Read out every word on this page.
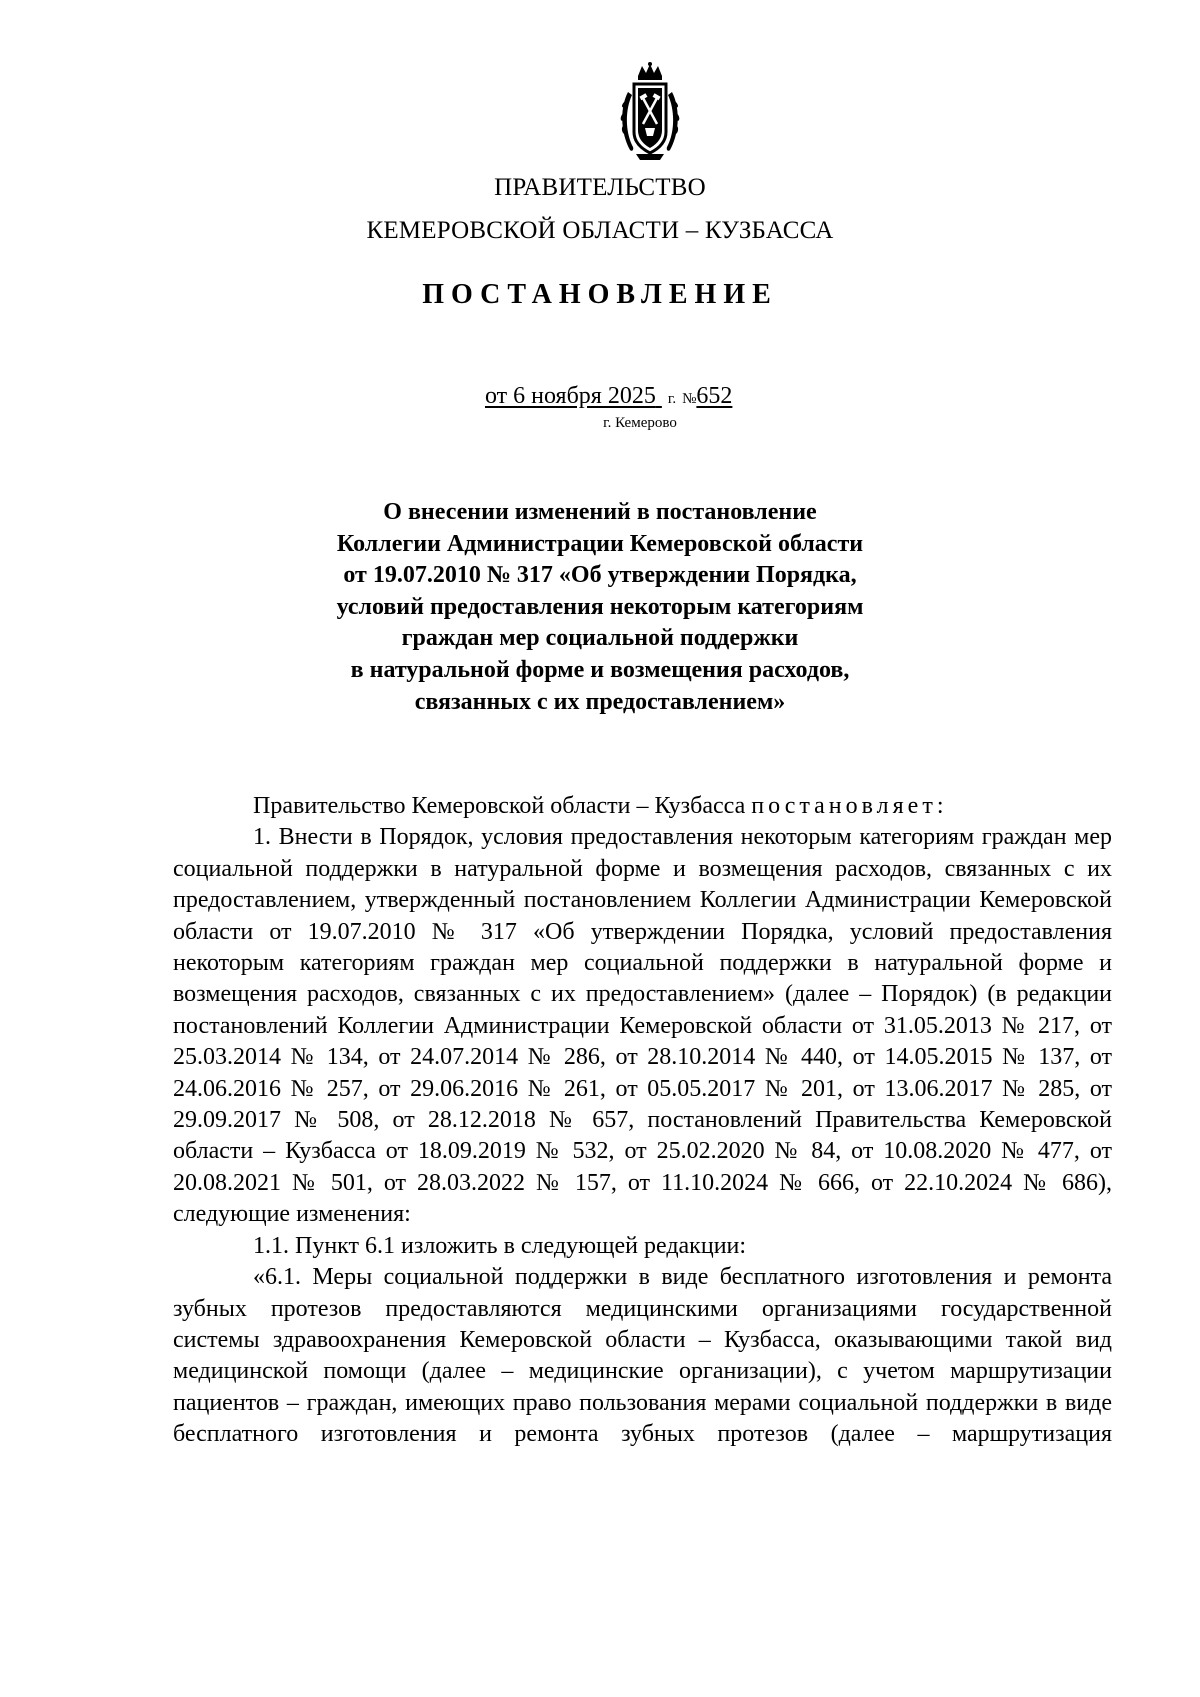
ПРАВИТЕЛЬСТВО
КЕМЕРОВСКОЙ ОБЛАСТИ – КУЗБАССА
ПОСТАНОВЛЕНИЕ
от 6 ноября 2025 г. №652
г. Кемерово
О внесении изменений в постановление
Коллегии Администрации Кемеровской области
от 19.07.2010 № 317 «Об утверждении Порядка,
условий предоставления некоторым категориям
граждан мер социальной поддержки
в натуральной форме и возмещения расходов,
связанных с их предоставлением»

Правительство Кемеровской области – Кузбасса постановляет:

1. Внести в Порядок, условия предоставления некоторым категориям граждан мер социальной поддержки в натуральной форме и возмещения расходов, связанных с их предоставлением, утвержденный постановлением Коллегии Администрации Кемеровской области от 19.07.2010 № 317 «Об утверждении Порядка, условий предоставления некоторым категориям граждан мер социальной поддержки в натуральной форме и возмещения расходов, связанных с их предоставлением» (далее – Порядок) (в редакции постановлений Коллегии Администрации Кемеровской области от 31.05.2013 № 217, от 25.03.2014 № 134, от 24.07.2014 № 286, от 28.10.2014 № 440, от 14.05.2015 № 137, от 24.06.2016 № 257, от 29.06.2016 № 261, от 05.05.2017 № 201, от 13.06.2017 № 285, от 29.09.2017 № 508, от 28.12.2018 № 657, постановлений Правительства Кемеровской области – Кузбасса от 18.09.2019 № 532, от 25.02.2020 № 84, от 10.08.2020 № 477, от 20.08.2021 № 501, от 28.03.2022 № 157, от 11.10.2024 № 666, от 22.10.2024 № 686), следующие изменения:

1.1. Пункт 6.1 изложить в следующей редакции:

«6.1. Меры социальной поддержки в виде бесплатного изготовления и ремонта зубных протезов предоставляются медицинскими организациями государственной системы здравоохранения Кемеровской области – Кузбасса, оказывающими такой вид медицинской помощи (далее – медицинские организации), с учетом маршрутизации пациентов – граждан, имеющих право пользования мерами социальной поддержки в виде бесплатного изготовления и ремонта зубных протезов (далее – маршрутизация
